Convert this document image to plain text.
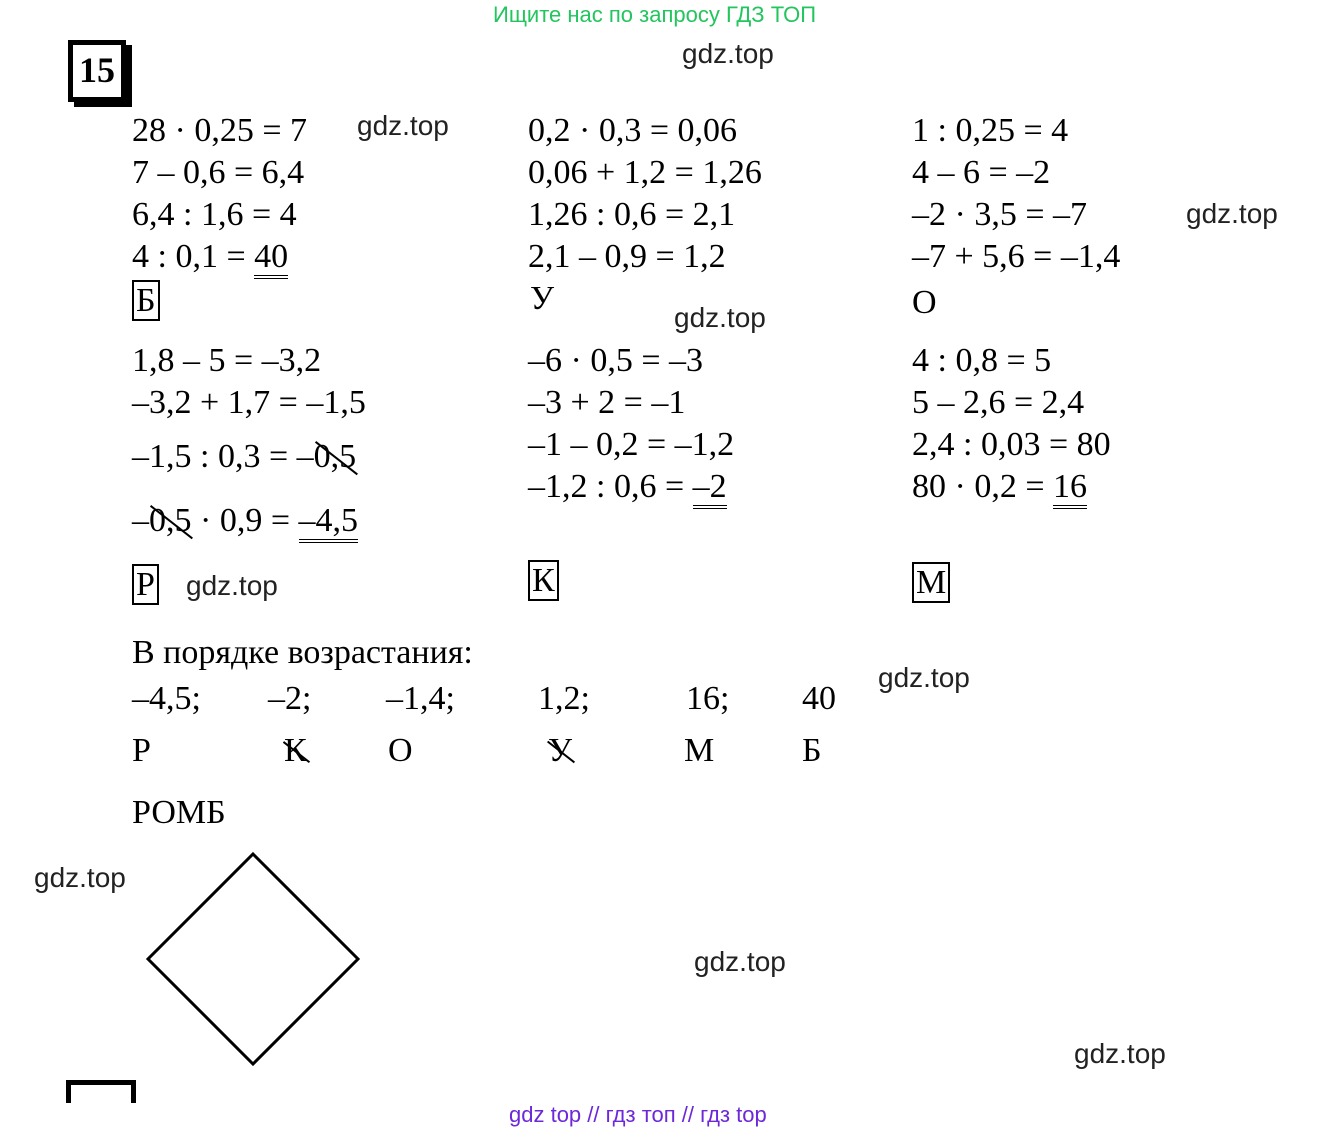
Ищите нас по запросу ГДЗ ТОП
gdz top // гдз топ // гдз top
gdz.top
gdz.top
gdz.top
gdz.top
gdz.top
gdz.top
gdz.top
gdz.top
gdz.top
15
28 · 0,25 = 7
7 – 0,6 = 6,4
6,4 : 1,6 = 4
4 : 0,1 = 40
Б
0,2 · 0,3 = 0,06
0,06 + 1,2 = 1,26
1,26 : 0,6 = 2,1
2,1 – 0,9 = 1,2
У
1 : 0,25 = 4
4 – 6 = –2
–2 · 3,5 = –7
–7 + 5,6 = –1,4
О
1,8 – 5 = –3,2
–3,2 + 1,7 = –1,5
–1,5 : 0,3 = –0,5
–0,5 · 0,9 = –4,5
Р
–6 · 0,5 = –3
–3 + 2 = –1
–1 – 0,2 = –1,2
–1,2 : 0,6 = –2
К
4 : 0,8 = 5
5 – 2,6 = 2,4
2,4 : 0,03 = 80
80 · 0,2 = 16
М
В порядке возрастания:
–4,5; –2; –1,4; 1,2;	16; 40
Р	К О	У	М	Б
РОМБ
